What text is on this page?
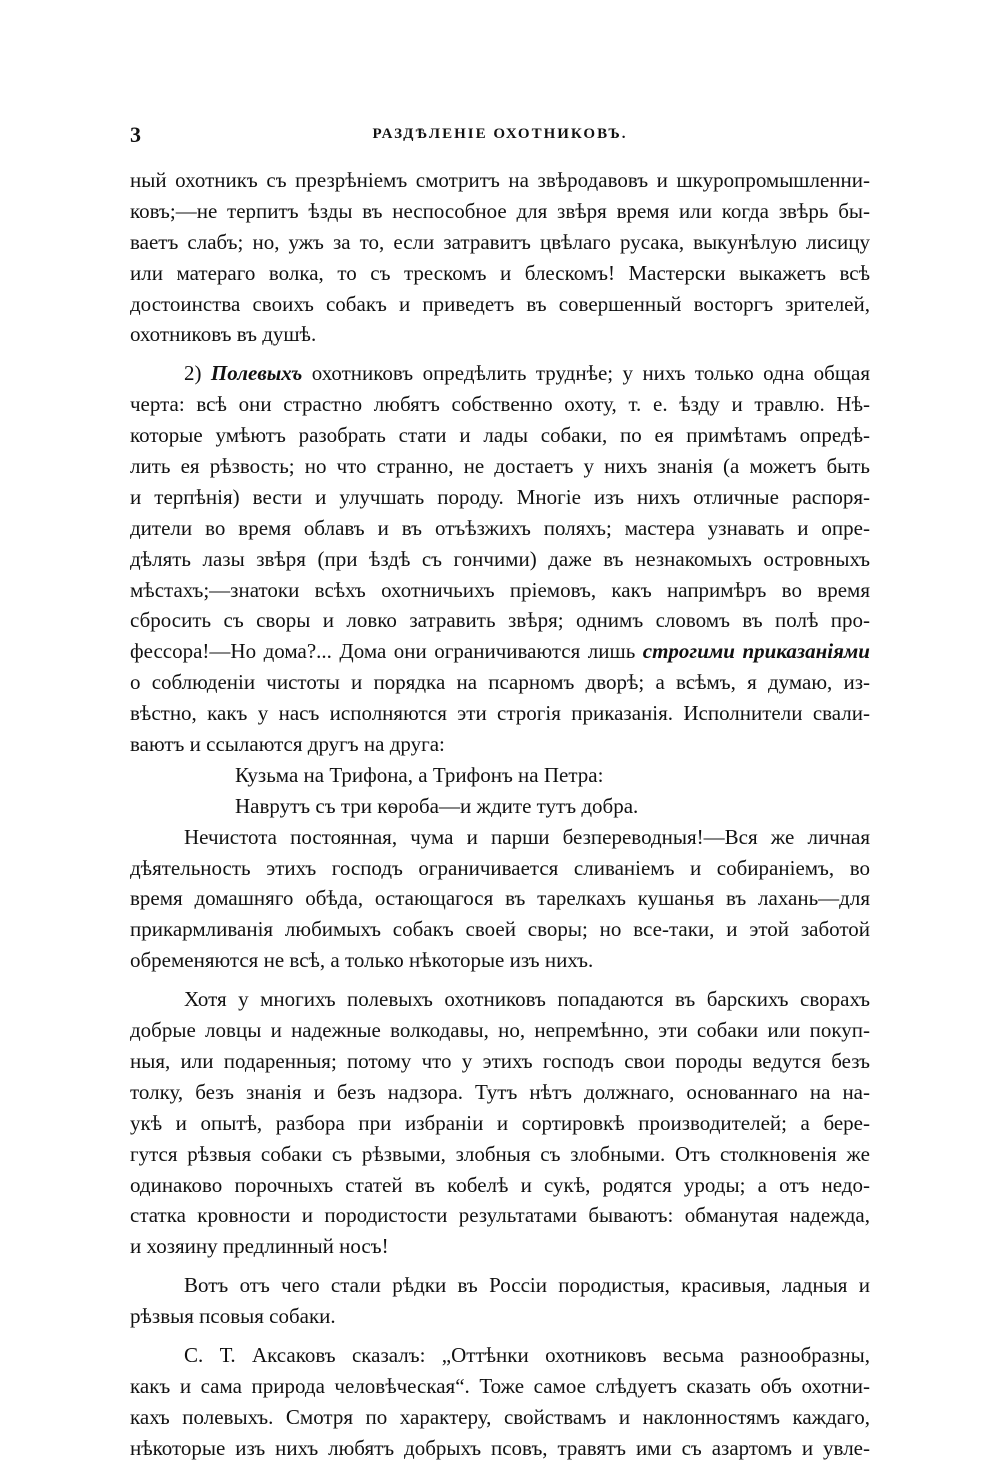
3	РАЗДѢЛЕНІЕ ОХОТНИКОВЪ.
ный охотникъ съ презрѣніемъ смотритъ на звѣродавовъ и шкуропромышленни-
ковъ;—не терпитъ ѣзды въ неспособное для звѣря время или когда звѣрь бы-
ваетъ слабъ; но, ужъ за то, если затравитъ цвѣлаго русака, выкунѣлую лисицу
или матераго волка, то съ трескомъ и блескомъ! Мастерски выкажетъ всѣ
достоинства своихъ собакъ и приведетъ въ совершенный восторгъ зрителей,
охотниковъ въ душѣ.
2) Полевыхъ охотниковъ опредѣлить труднѣе; у нихъ только одна общая
черта: всѣ они страстно любятъ собственно охоту, т. е. ѣзду и травлю. Нѣ-
которые умѣютъ разобрать стати и лады собаки, по ея примѣтамъ опредѣ-
лить ея рѣзвость; но что странно, не достаетъ у нихъ знанія (а можетъ быть
и терпѣнія) вести и улучшать породу. Многіе изъ нихъ отличные распоря-
дители во время облавъ и въ отъѣзжихъ поляхъ; мастера узнавать и опре-
дѣлять лазы звѣря (при ѣздѣ съ гончими) даже въ незнакомыхъ островныхъ
мѣстахъ;—знатоки всѣхъ охотничьихъ пріемовъ, какъ напримѣръ во время
сбросить съ своры и ловко затравить звѣря; однимъ словомъ въ полѣ про-
фессора!—Но дома?... Дома они ограничиваются лишь строгими приказаніями
о соблюденіи чистоты и порядка на псарномъ дворѣ; а всѣмъ, я думаю, из-
вѣстно, какъ у насъ исполняются эти строгія приказанія. Исполнители свали-
ваютъ и ссылаются другъ на друга:
Кузьма на Трифона, а Трифонъ на Петра:
Наврутъ съ три кѳроба—и ждите тутъ добра.
Нечистота постоянная, чума и парши безпереводныя!—Вся же личная
дѣятельность этихъ господъ ограничивается сливаніемъ и собираніемъ, во
время домашняго обѣда, остающагося въ тарелкахъ кушанья въ лахань—для
прикармливанія любимыхъ собакъ своей своры; но все-таки, и этой заботой
обременяются не всѣ, а только нѣкоторые изъ нихъ.
Хотя у многихъ полевыхъ охотниковъ попадаются въ барскихъ сворахъ
добрые ловцы и надежные волкодавы, но, непремѣнно, эти собаки или покуп-
ныя, или подаренныя; потому что у этихъ господъ свои породы ведутся безъ
толку, безъ знанія и безъ надзора. Тутъ нѣтъ должнаго, основаннаго на на-
укѣ и опытѣ, разбора при избраніи и сортировкѣ производителей; а бере-
гутся рѣзвыя собаки съ рѣзвыми, злобныя съ злобными. Отъ столкновенія же
одинаково порочныхъ статей въ кобелѣ и сукѣ, родятся уроды; а отъ недо-
статка кровности и породистости результатами бываютъ: обманутая надежда,
и хозяину предлинный носъ!
Вотъ отъ чего стали рѣдки въ Россіи породистыя, красивыя, ладныя и
рѣзвыя псовыя собаки.
С. Т. Аксаковъ сказалъ: „Оттѣнки охотниковъ весьма разнообразны,
какъ и сама природа человѣческая“. Тоже самое слѣдуетъ сказать объ охотни-
кахъ полевыхъ. Смотря по характеру, свойствамъ и наклонностямъ каждаго,
нѣкоторые изъ нихъ любятъ добрыхъ псовъ, травятъ ими съ азартомъ и увле-
